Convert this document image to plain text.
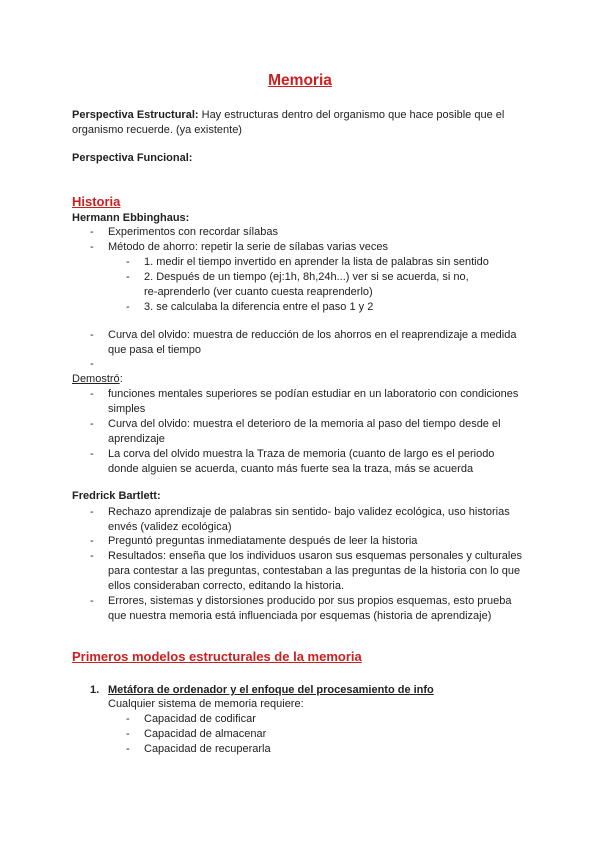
Memoria
Perspectiva Estructural: Hay estructuras dentro del organismo que hace posible que el
organismo recuerde. (ya existente)
Perspectiva Funcional:
Historia
Hermann Ebbinghaus:
- Experimentos con recordar sílabas
- Método de ahorro: repetir la serie de sílabas varias veces
- 1. medir el tiempo invertido en aprender la lista de palabras sin sentido
- 2. Después de un tiempo (ej:1h, 8h,24h...) ver si se acuerda, si no,
re-aprenderlo (ver cuanto cuesta reaprenderlo)
- 3. se calculaba la diferencia entre el paso 1 y 2
- Curva del olvido: muestra de reducción de los ahorros en el reaprendizaje a medida
que pasa el tiempo
-
Demostró:
- funciones mentales superiores se podían estudiar en un laboratorio con condiciones
simples
- Curva del olvido: muestra el deterioro de la memoria al paso del tiempo desde el
aprendizaje
- La corva del olvido muestra la Traza de memoria (cuanto de largo es el periodo
donde alguien se acuerda, cuanto más fuerte sea la traza, más se acuerda
Fredrick Bartlett:
- Rechazo aprendizaje de palabras sin sentido- bajo validez ecológica, uso historias
envés (validez ecológica)
- Preguntó preguntas inmediatamente después de leer la historia
- Resultados: enseña que los individuos usaron sus esquemas personales y culturales
para contestar a las preguntas, contestaban a las preguntas de la historia con lo que
ellos consideraban correcto, editando la historia.
- Errores, sistemas y distorsiones producido por sus propios esquemas, esto prueba
que nuestra memoria está influenciada por esquemas (historia de aprendizaje)
Primeros modelos estructurales de la memoria
1. Metáfora de ordenador y el enfoque del procesamiento de info
Cualquier sistema de memoria requiere:
- Capacidad de codificar
- Capacidad de almacenar
- Capacidad de recuperarla
